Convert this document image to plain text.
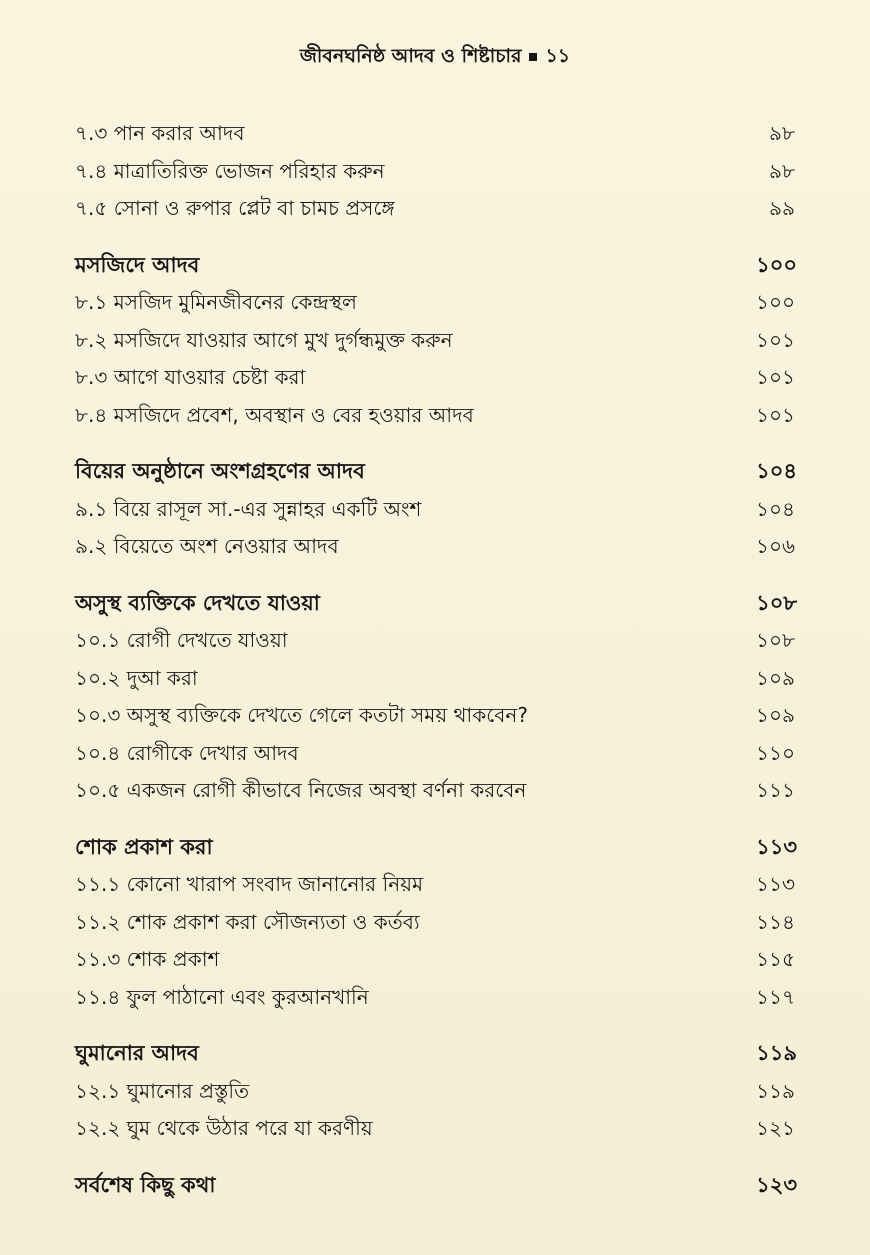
জীবনঘনিষ্ঠ আদব ও শিষ্টাচার ১১
৭.৩ পান করার আদব	৯৮
৭.৪ মাত্রাতিরিক্ত ভোজন পরিহার করুন	৯৮
৭.৫ সোনা ও রুপার প্লেট বা চামচ প্রসঙ্গে	৯৯
মসজিদে আদব	১০০
৮.১ মসজিদ মুমিনজীবনের কেন্দ্রস্থল	১০০
৮.২ মসজিদে যাওয়ার আগে মুখ দুর্গন্ধমুক্ত করুন	১০১
৮.৩ আগে যাওয়ার চেষ্টা করা	১০১
৮.৪ মসজিদে প্রবেশ, অবস্থান ও বের হওয়ার আদব	১০১
বিয়ের অনুষ্ঠানে অংশগ্রহণের আদব	১০৪
৯.১ বিয়ে রাসূল সা.-এর সুন্নাহর একটি অংশ	১০৪
৯.২ বিয়েতে অংশ নেওয়ার আদব	১০৬
অসুস্থ ব্যক্তিকে দেখতে যাওয়া	১০৮
১০.১ রোগী দেখতে যাওয়া	১০৮
১০.২ দুআ করা	১০৯
১০.৩ অসুস্থ ব্যক্তিকে দেখতে গেলে কতটা সময় থাকবেন?	১০৯
১০.৪ রোগীকে দেখার আদব	১১০
১০.৫ একজন রোগী কীভাবে নিজের অবস্থা বর্ণনা করবেন	১১১
শোক প্রকাশ করা	১১৩
১১.১ কোনো খারাপ সংবাদ জানানোর নিয়ম	১১৩
১১.২ শোক প্রকাশ করা সৌজন্যতা ও কর্তব্য	১১৪
১১.৩ শোক প্রকাশ	১১৫
১১.৪ ফুল পাঠানো এবং কুরআনখানি	১১৭
ঘুমানোর আদব	১১৯
১২.১ ঘুমানোর প্রস্তুতি	১১৯
১২.২ ঘুম থেকে উঠার পরে যা করণীয়	১২১
সর্বশেষ কিছু কথা	১২৩
